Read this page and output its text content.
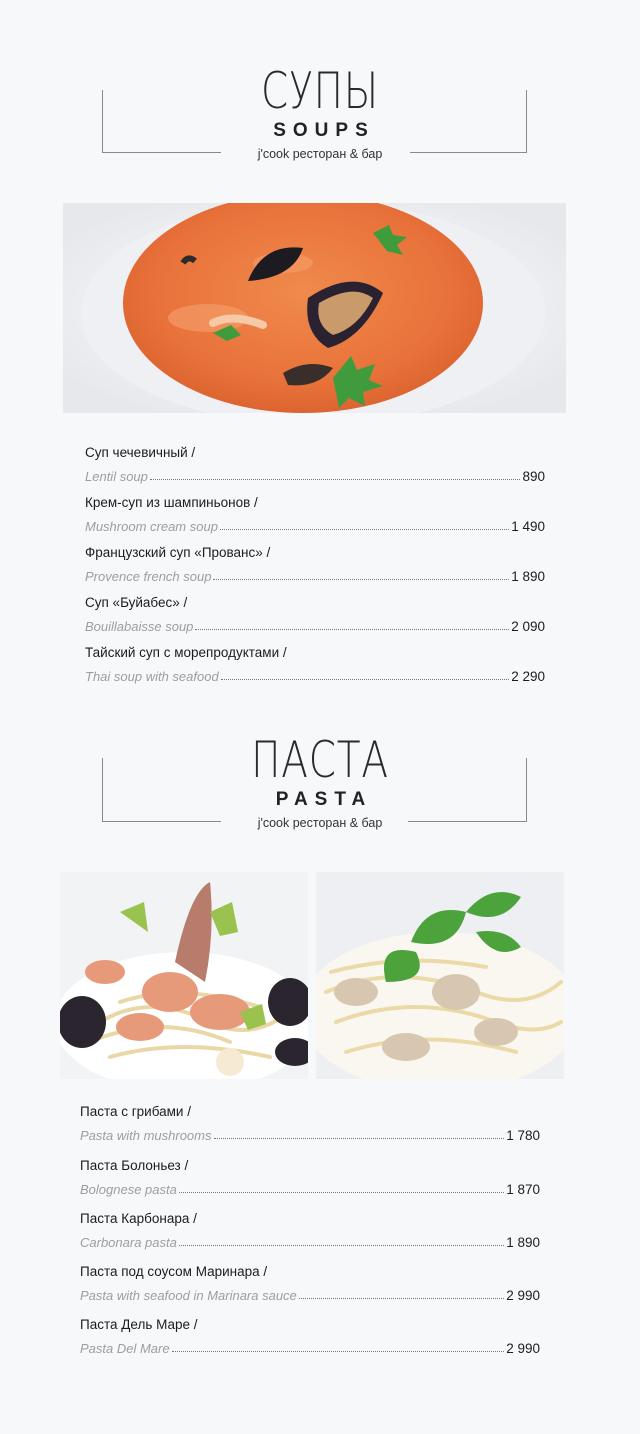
СУПЫ
SOUPS
j'cook ресторан & бар
Суп чечевичный /
Lentil soup	890
Крем-суп из шампиньонов /
Mushroom cream soup	1 490
Французский суп «Прованс» /
Provence french soup	1 890
Суп «Буйабес» /
Bouillabaisse soup	2 090
Тайский суп с морепродуктами /
Thai soup with seafood	2 290
ПАСТА
PASTA
j'cook ресторан & бар
Паста с грибами /
Pasta with mushrooms	1 780
Паста Болоньез /
Bolognese pasta	1 870
Паста Карбонара /
Carbonara pasta	1 890
Паста под соусом Маринара /
Pasta with seafood in Marinara sauce	2 990
Паста Дель Маре /
Pasta Del Mare	2 990
